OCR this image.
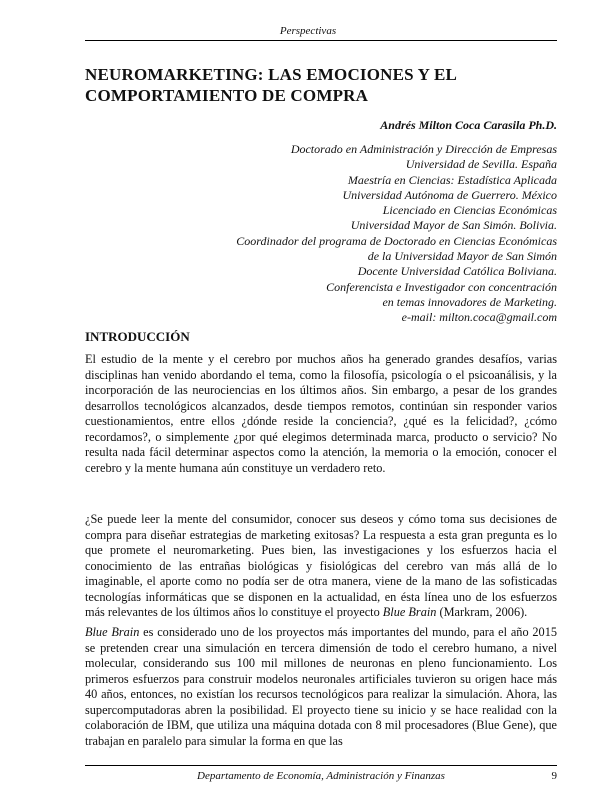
Perspectivas
NEUROMARKETING: LAS EMOCIONES Y EL
COMPORTAMIENTO DE COMPRA
Andrés Milton Coca Carasila Ph.D.
Doctorado en Administración y Dirección de Empresas
Universidad de Sevilla. España
Maestría en Ciencias: Estadística Aplicada
Universidad Autónoma de Guerrero. México
Licenciado en Ciencias Económicas
Universidad Mayor de San Simón. Bolivia.
Coordinador del programa de Doctorado en Ciencias Económicas
de la Universidad Mayor de San Simón
Docente Universidad Católica Boliviana.
Conferencista e Investigador con concentración
en temas innovadores de Marketing.
e-mail: milton.coca@gmail.com
INTRODUCCIÓN

El estudio de la mente y el cerebro por muchos años ha generado grandes desafíos, varias disciplinas han venido abordando el tema, como la filosofía, psicología o el psicoanálisis, y la incorporación de las neurociencias en los últimos años. Sin embargo, a pesar de los grandes desarrollos tecnológicos alcanzados, desde tiempos remotos, continúan sin responder varios cuestionamientos, entre ellos ¿dónde reside la conciencia?, ¿qué es la felicidad?, ¿cómo recordamos?, o simplemente ¿por qué elegimos determinada marca, producto o servicio? No resulta nada fácil determinar aspectos como la atención, la memoria o la emoción, conocer el cerebro y la mente humana aún constituye un verdadero reto.

¿Se puede leer la mente del consumidor, conocer sus deseos y cómo toma sus decisiones de compra para diseñar estrategias de marketing exitosas? La respuesta a esta gran pregunta es lo que promete el neuromarketing. Pues bien, las investigaciones y los esfuerzos hacia el conocimiento de las entrañas biológicas y fisiológicas del cerebro van más allá de lo imaginable, el aporte como no podía ser de otra manera, viene de la mano de las sofisticadas tecnologías informáticas que se disponen en la actualidad, en ésta línea uno de los esfuerzos más relevantes de los últimos años lo constituye el proyecto Blue Brain (Markram, 2006).

Blue Brain es considerado uno de los proyectos más importantes del mundo, para el año 2015 se pretenden crear una simulación en tercera dimensión de todo el cerebro humano, a nivel molecular, considerando sus 100 mil millones de neuronas en pleno funcionamiento. Los primeros esfuerzos para construir modelos neuronales artificiales tuvieron su origen hace más 40 años, entonces, no existían los recursos tecnológicos para realizar la simulación. Ahora, las supercomputadoras abren la posibilidad. El proyecto tiene su inicio y se hace realidad con la colaboración de IBM, que utiliza una máquina dotada con 8 mil procesadores (Blue Gene), que trabajan en paralelo para simular la forma en que las

Departamento de Economía, Administración y Finanzas	9
